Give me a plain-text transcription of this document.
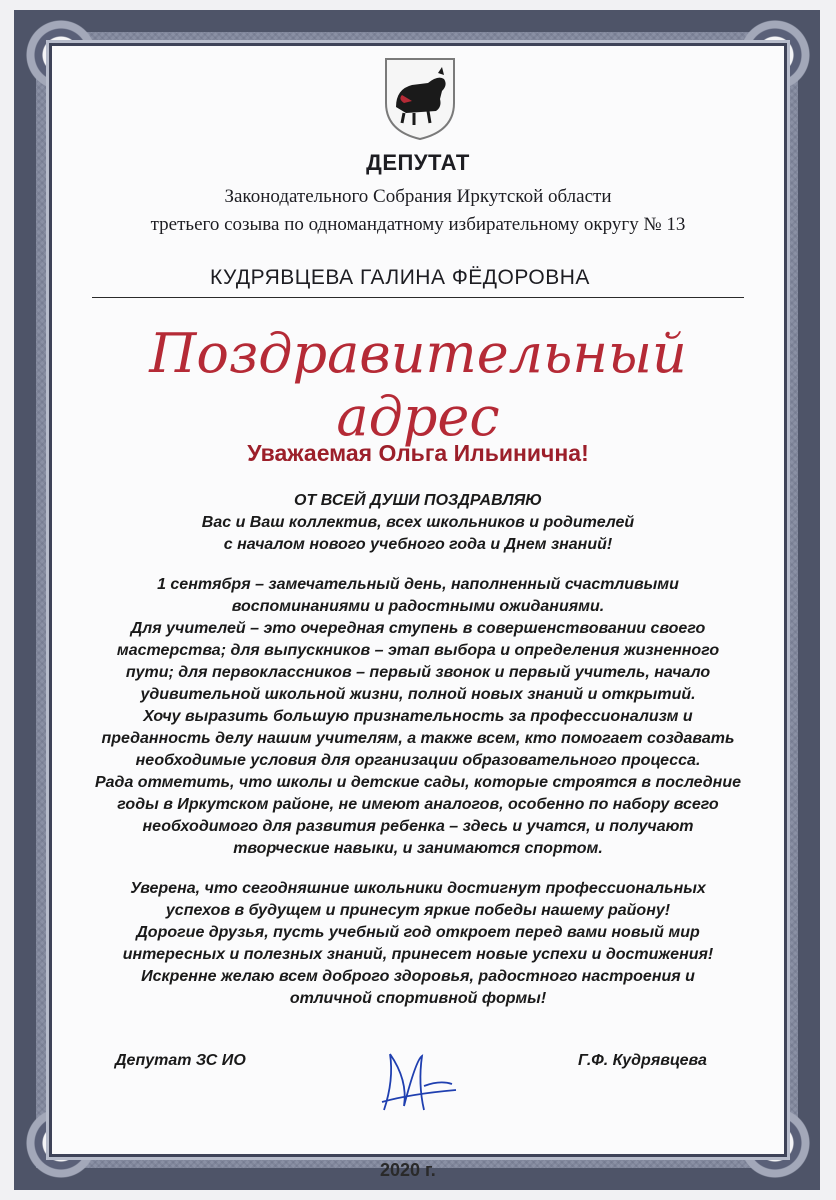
ДЕПУТАТ
Законодательного Собрания Иркутской области
третьего созыва по одномандатному избирательному округу № 13
КУДРЯВЦЕВА ГАЛИНА ФЁДОРОВНА
Поздравительный адрес
Уважаемая Ольга Ильинична!

ОТ ВСЕЙ ДУШИ ПОЗДРАВЛЯЮ

Вас и Ваш коллектив, всех школьников и родителей

с началом нового учебного года и Днем знаний!

1 сентября – замечательный день, наполненный счастливыми

воспоминаниями и радостными ожиданиями.

Для учителей – это очередная ступень в совершенствовании своего

мастерства; для выпускников – этап выбора и определения жизненного

пути; для первоклассников – первый звонок и первый учитель, начало

удивительной школьной жизни, полной новых знаний и открытий.

Хочу выразить большую признательность за профессионализм и

преданность делу нашим учителям, а также всем, кто помогает создавать

необходимые условия для организации образовательного процесса.

Рада отметить, что школы и детские сады, которые строятся в последние

годы в Иркутском районе, не имеют аналогов, особенно по набору всего

необходимого для развития ребенка – здесь и учатся, и получают

творческие навыки, и занимаются спортом.

Уверена, что сегодняшние школьники достигнут профессиональных

успехов в будущем и принесут яркие победы нашему району!

Дорогие друзья, пусть учебный год откроет перед вами новый мир

интересных и полезных знаний, принесет новые успехи и достижения!

Искренне желаю всем доброго здоровья, радостного настроения и

отличной спортивной формы!

Депутат ЗС ИО	Г.Ф. Кудрявцева
2020 г.
